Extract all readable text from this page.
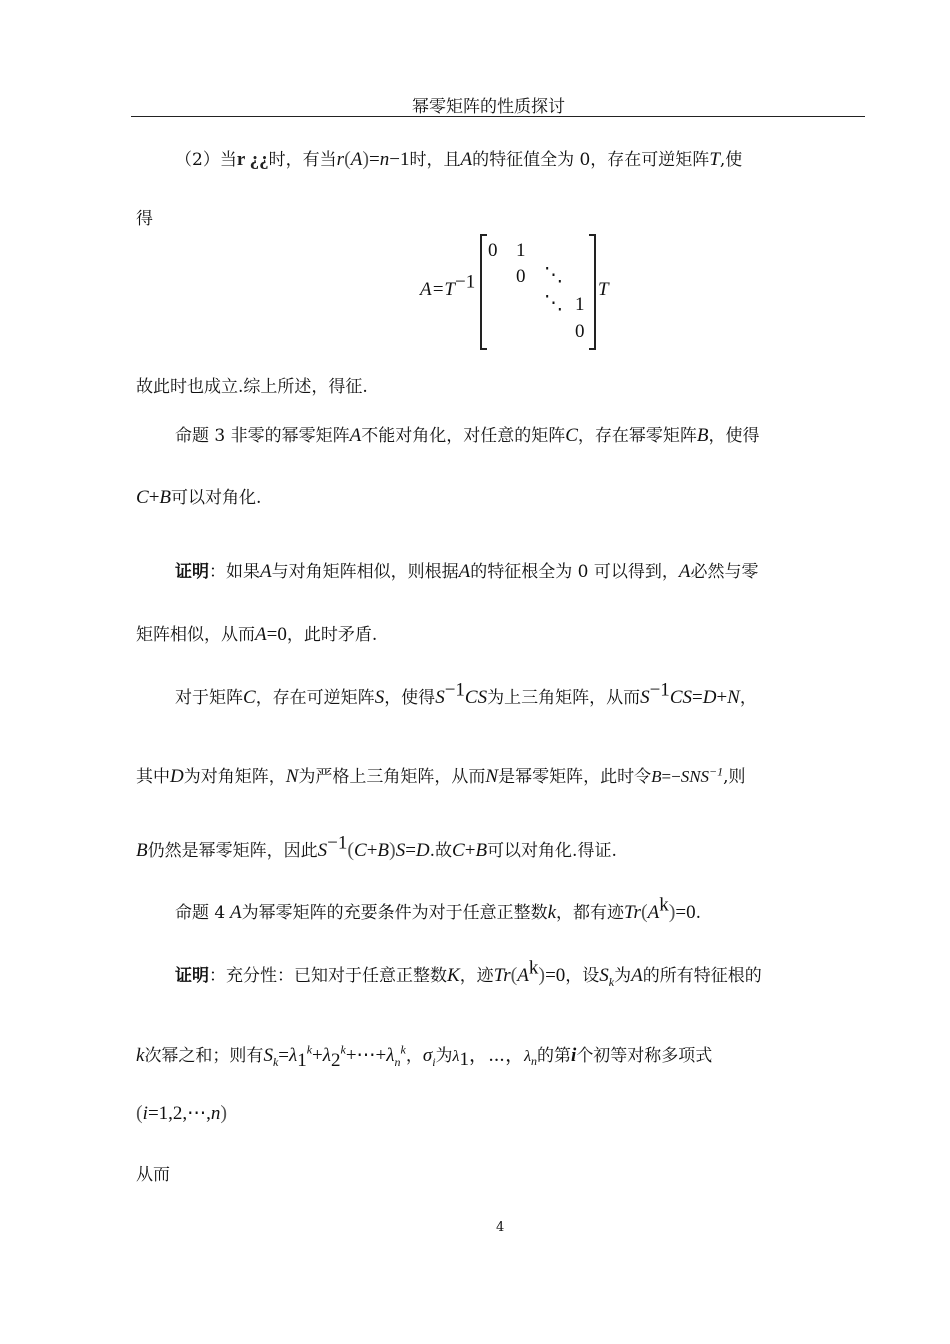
幂零矩阵的性质探讨
（2）当r ¿¿时，有当r(A)=n−1时，且A的特征值全为 0，存在可逆矩阵T,使
得
$A=T^{-1}$
0 1
0 ⋱
⋱ 1
0
T
故此时也成立.综上所述，得征.
命题 3 非零的幂零矩阵A不能对角化，对任意的矩阵C，存在幂零矩阵B，使得
C+B可以对角化.
证明：如果A与对角矩阵相似，则根据A的特征根全为 0 可以得到，A必然与零
矩阵相似，从而A=0，此时矛盾.
对于矩阵C，存在可逆矩阵S，使得$S^{-1}CS$为上三角矩阵，从而$S^{-1}CS=D+N$，
其中D为对角矩阵，N为严格上三角矩阵，从而N是幂零矩阵，此时令$B=-SNS^{-1}$,则
B仍然是幂零矩阵，因此$S^{-1}(C+B)S=D$.故C+B可以对角化.得证.
命题 4 A为幂零矩阵的充要条件为对于任意正整数k，都有迹$Tr(A^k)=0$.
证明：充分性：已知对于任意正整数K，迹$Tr(A^k)=0$，设$S_k$为A的所有特征根的
k次幂之和；则有$S_k=\lambda_1^k+\lambda_2^k+\cdots+\lambda_n^k$，$\sigma_i$为$\lambda_1$，⋯，$\lambda_n$的第i个初等对称多项式
(i=1,2,⋯,n)
从而
4
